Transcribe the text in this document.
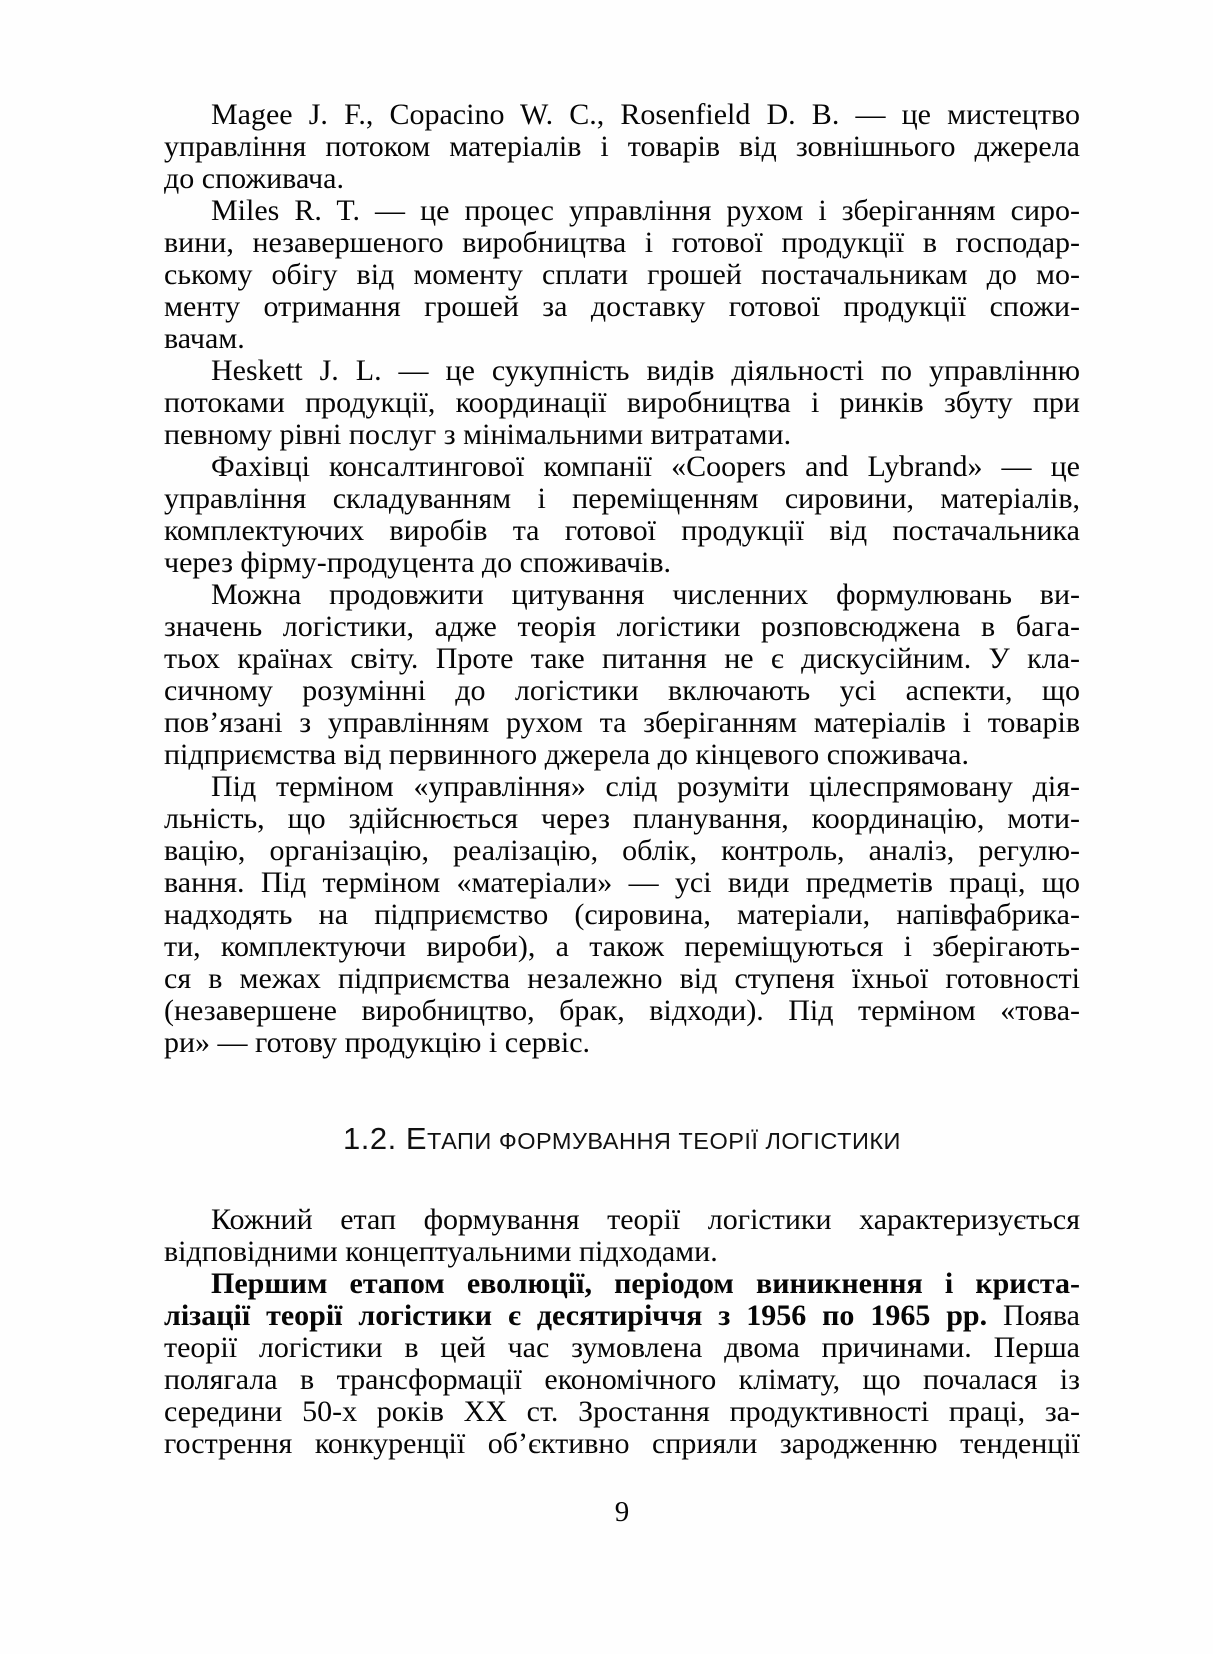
Magee J. F., Copacino W. C., Rosenfield D. B. — це мистецтво
управління потоком матеріалів і товарів від зовнішнього джерела
до споживача.
Miles R. T. — це процес управління рухом і зберіганням сиро-
вини, незавершеного виробництва і готової продукції в господар-
ському обігу від моменту сплати грошей постачальникам до мо-
менту отримання грошей за доставку готової продукції спожи-
вачам.
Heskett J. L. — це сукупність видів діяльності по управлінню
потоками продукції, координації виробництва і ринків збуту при
певному рівні послуг з мінімальними витратами.
Фахівці консалтингової компанії «Coopers and Lybrand» — це
управління складуванням і переміщенням сировини, матеріалів,
комплектуючих виробів та готової продукції від постачальника
через фірму-продуцента до споживачів.
Можна продовжити цитування численних формулювань ви-
значень логістики, адже теорія логістики розповсюджена в бага-
тьох країнах світу. Проте таке питання не є дискусійним. У кла-
сичному розумінні до логістики включають усі аспекти, що
пов’язані з управлінням рухом та зберіганням матеріалів і товарів
підприємства від первинного джерела до кінцевого споживача.
Під терміном «управління» слід розуміти цілеспрямовану дія-
льність, що здійснюється через планування, координацію, моти-
вацію, організацію, реалізацію, облік, контроль, аналіз, регулю-
вання. Під терміном «матеріали» — усі види предметів праці, що
надходять на підприємство (сировина, матеріали, напівфабрика-
ти, комплектуючи вироби), а також переміщуються і зберігають-
ся в межах підприємства незалежно від ступеня їхньої готовності
(незавершене виробництво, брак, відходи). Під терміном «това-
ри» — готову продукцію і сервіс.
1.2. ЕТАПИ ФОРМУВАННЯ ТЕОРІЇ ЛОГІСТИКИ
Кожний етап формування теорії логістики характеризується
відповідними концептуальними підходами.
Першим етапом еволюції, періодом виникнення і криста-
лізації теорії логістики є десятиріччя з 1956 по 1965 рр. Поява
теорії логістики в цей час зумовлена двома причинами. Перша
полягала в трансформації економічного клімату, що почалася із
середини 50-х років XX ст. Зростання продуктивності праці, за-
гострення конкуренції об’єктивно сприяли зародженню тенденції
9
